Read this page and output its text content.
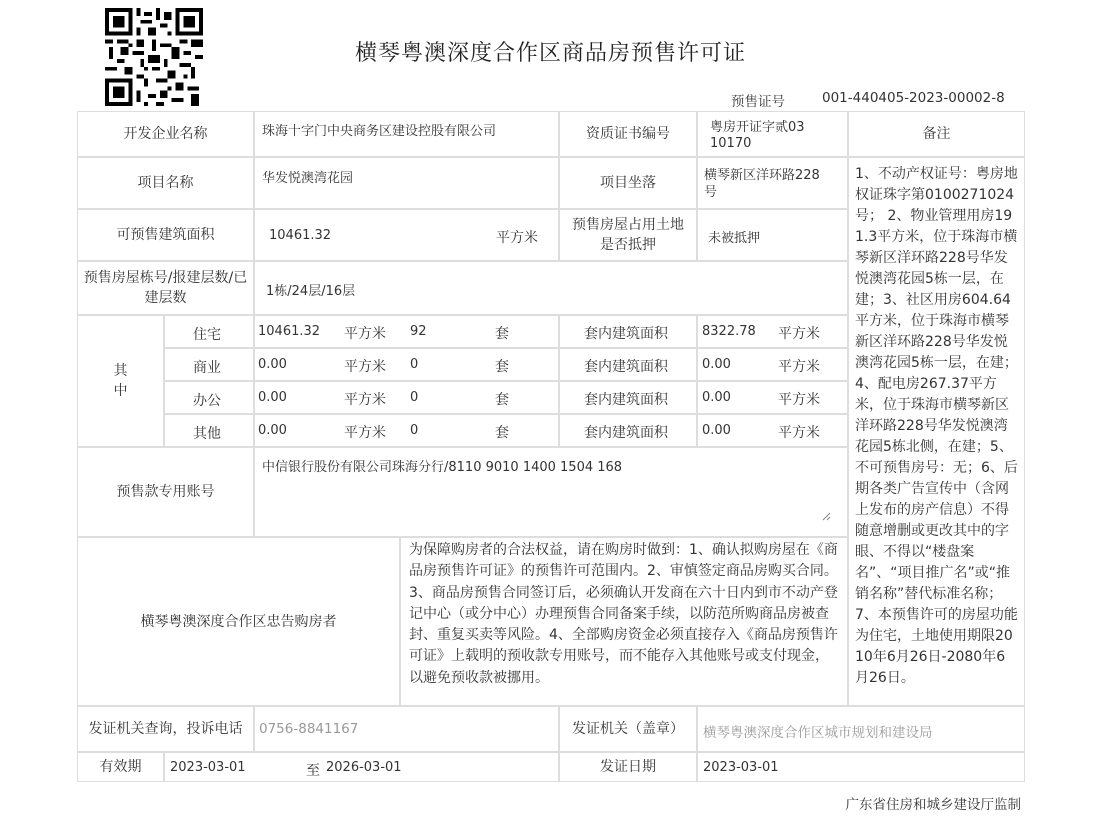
横琴粤澳深度合作区商品房预售许可证
预售证号	001-440405-2023-00002-8
开发企业名称	珠海十字门中央商务区建设控股有限公司	资质证书编号	粤房开证字贰0310170
备注
1、不动产权证号：粤房地权证珠字第0100271024号； 2、物业管理用房191.3平方米，位于珠海市横琴新区洋环路228号华发悦澳湾花园5栋一层，在建；3、社区用房604.64平方米，位于珠海市横琴新区洋环路228号华发悦澳湾花园5栋一层，在建；4、配电房267.37平方米，位于珠海市横琴新区洋环路228号华发悦澳湾花园5栋北侧，在建；5、不可预售房号：无；6、后期各类广告宣传中（含网上发布的房产信息）不得随意增删或更改其中的字眼、不得以“楼盘案名”、“项目推广名”或“推销名称”替代标准名称；7、本预售许可的房屋功能为住宅，土地使用期限2010年6月26日-2080年6月26日。
项目名称	华发悦澳湾花园	项目坐落	横琴新区洋环路228号
可预售建筑面积	10461.32	平方米
预售房屋占用土地是否抵押	未被抵押
预售房屋栋号/报建层数/已建层数	1栋/24层/16层
其中
住宅	10461.32 平方米 92	套	套内建筑面积	8322.78 平方米
商业	0.00	平方米 0	套	套内建筑面积	0.00	平方米
办公	0.00	平方米 0	套	套内建筑面积	0.00	平方米
其他	0.00	平方米 0	套	套内建筑面积	0.00	平方米
预售款专用账号
中信银行股份有限公司珠海分行/8110 9010 1400 1504 168
横琴粤澳深度合作区忠告购房者
为保障购房者的合法权益，请在购房时做到：1、确认拟购房屋在《商品房预售许可证》的预售许可范围内。2、审慎签定商品房购买合同。3、商品房预售合同签订后，必须确认开发商在六十日内到市不动产登记中心（或分中心）办理预售合同备案手续，以防范所购商品房被查封、重复买卖等风险。4、全部购房资金必须直接存入《商品房预售许可证》上载明的预收款专用账号，而不能存入其他账号或支付现金，以避免预收款被挪用。
发证机关查询，投诉电话	0756-8841167	发证机关（盖章）	横琴粤澳深度合作区城市规划和建设局
有效期	2023-03-01	至 2026-03-01	发证日期	2023-03-01
广东省住房和城乡建设厅监制
